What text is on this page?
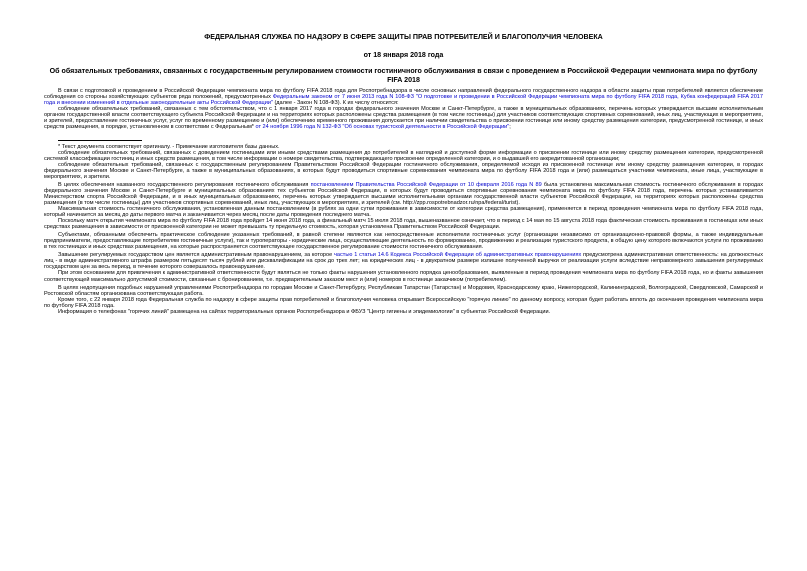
ФЕДЕРАЛЬНАЯ СЛУЖБА ПО НАДЗОРУ В СФЕРЕ ЗАЩИТЫ ПРАВ ПОТРЕБИТЕЛЕЙ И БЛАГОПОЛУЧИЯ ЧЕЛОВЕКА
от 18 января 2018 года
Об обязательных требованиях, связанных с государственным регулированием стоимости гостиничного обслуживания в связи с проведением в Российской Федерации чемпионата мира по футболу FIFA 2018

В связи с подготовкой и проведением в Российской Федерации чемпионата мира по футболу FIFA 2018 года для Роспотребнадзора в числе основных направлений федерального государственного надзора в области защиты прав потребителей является обеспечение соблюдения со стороны хозяйствующих субъектов ряда положений, предусмотренных Федеральным законом от 7 июня 2013 года N 108-ФЗ "О подготовке и проведении в Российской Федерации чемпионата мира по футболу FIFA 2018 года, Кубка конфедераций FIFA 2017 года и внесении изменений в отдельные законодательные акты Российской Федерации" (далее - Закон N 108-ФЗ). К их числу относится:

соблюдение обязательных требований, связанных с тем обстоятельством, что с 1 января 2017 года в городах федерального значения Москве и Санкт-Петербурге, а также в муниципальных образованиях, перечень которых утверждается высшим исполнительным органом государственной власти соответствующего субъекта Российской Федерации и на территориях которых расположены средства размещения (в том числе гостиницы) для участников соответствующих спортивных соревнований, иных лиц, участвующих в мероприятиях, и зрителей, предоставление гостиничных услуг, услуг по временному размещению и (или) обеспечению временного проживания допускается при наличии свидетельства о присвоении гостинице или иному средству размещения категории, предусмотренной гостинице, и иных средств размещения, в порядке, установленном в соответствии с Федеральным* от 24 ноября 1996 года N 132-ФЗ "Об основах туристской деятельности в Российской Федерации";

* Текст документа соответствует оригиналу. - Примечание изготовителя базы данных.

соблюдение обязательных требований, связанных с доведением гостиницами или иными средствами размещения до потребителей в наглядной и доступной форме информации о присвоении гостинице или иному средству размещения категории, предусмотренной системой классификации гостиниц и иных средств размещения, в том числе информации о номере свидетельства, подтверждающего присвоение определенной категории, и о выдавшей его аккредитованной организации;

соблюдение обязательных требований, связанных с государственным регулированием Правительством Российской Федерации гостиничного обслуживания, определяемой исходя из присвоенной гостинице или иному средству размещения категории, в городах федерального значения Москве и Санкт-Петербурге, а также в муниципальных образованиях, в которых будут проводиться спортивные соревнования чемпионата мира по футболу FIFA 2018 года и (или) размещаться участники чемпионата, иные лица, участвующие в мероприятиях, и зрители.

В целях обеспечения названного государственного регулирования гостиничного обслуживания постановлением Правительства Российской Федерации от 10 февраля 2016 года N 89 была установлена максимальная стоимость гостиничного обслуживания в городах федерального значения Москве и Санкт-Петербурге и муниципальных образованиях тех субъектов Российской Федерации, в которых будут проводиться спортивные соревнования чемпионата мира по футболу FIFA 2018 года, перечень которых устанавливается Министерством спорта Российской Федерации, и в иных муниципальных образованиях, перечень которых утверждается высшими исполнительными органами государственной власти субъектов Российской Федерации, на территориях которых расположены средства размещения (в том числе гостиницы) для участников спортивных соревнований, иных лиц, участвующих в мероприятиях, и зрителей (см. http://zpp.rospotrebnadzor.ru/npa/federal/turist).

Максимальная стоимость гостиничного обслуживания, установленная данным постановлением (в рублях за одни сутки проживания в зависимости от категории средства размещения), применяется в период проведения чемпионата мира по футболу FIFA 2018 года, который начинается за месяц до даты первого матча и заканчивается через месяц после даты проведения последнего матча.

Поскольку матч открытия чемпионата мира по футболу FIFA 2018 года пройдет 14 июня 2018 года, а финальный матч 15 июля 2018 года, вышеназванное означает, что в период с 14 мая по 15 августа 2018 года фактическая стоимость проживания в гостиницах или иных средствах размещения в зависимости от присвоенной категории не может превышать ту предельную стоимость, которая установлена Правительством Российской Федерации.

Субъектами, обязанными обеспечить практическое соблюдение указанных требований, в равной степени являются как непосредственные исполнители гостиничных услуг (организации независимо от организационно-правовой формы, а также индивидуальные предприниматели, предоставляющие потребителям гостиничные услуги), так и туроператоры - юридические лица, осуществляющие деятельность по формированию, продвижению и реализации туристского продукта, в общую цену которого включаются услуги по проживанию в тех гостиницах и иных средствах размещения, на которые распространяется соответствующее государственное регулирование стоимости гостиничного обслуживания.

Завышение регулируемых государством цен является административным правонарушением, за которое частью 1 статьи 14.6 Кодекса Российской Федерации об административных правонарушениях предусмотрена административная ответственность: на должностных лиц - в виде административного штрафа размером пятьдесят тысяч рублей или дисквалификации на срок до трех лет; на юридических лиц - в двукратном размере излишне полученной выручки от реализации услуги вследствие неправомерного завышения регулируемых государством цен за весь период, в течение которого совершалось правонарушение.

При этом основанием для привлечения к административной ответственности будут являться не только факты нарушения установленного порядка ценообразования, выявленные в период проведения чемпионата мира по футболу FIFA 2018 года, но и факты завышения соответствующей максимально допустимой стоимости, связанные с бронированием, т.е. предварительным заказом мест и (или) номеров в гостинице заказчиком (потребителем).

В целях недопущения подобных нарушений управлениями Роспотребнадзора по городам Москве и Санкт-Петербургу, Республикам Татарстан (Татарстан) и Мордовия, Краснодарскому краю, Нижегородской, Калининградской, Волгоградской, Свердловской, Самарской и Ростовской областям организована соответствующая работа.

Кроме того, с 22 января 2018 года Федеральная служба по надзору в сфере защиты прав потребителей и благополучия человека открывает Всероссийскую "горячую линию" по данному вопросу, которая будет работать вплоть до окончания проведения чемпионата мира по футболу FIFA 2018 года.

Информация о телефонах "горячих линий" размещена на сайтах территориальных органов Роспотребнадзора и ФБУЗ "Центр гигиены и эпидемиологии" в субъектах Российской Федерации.
